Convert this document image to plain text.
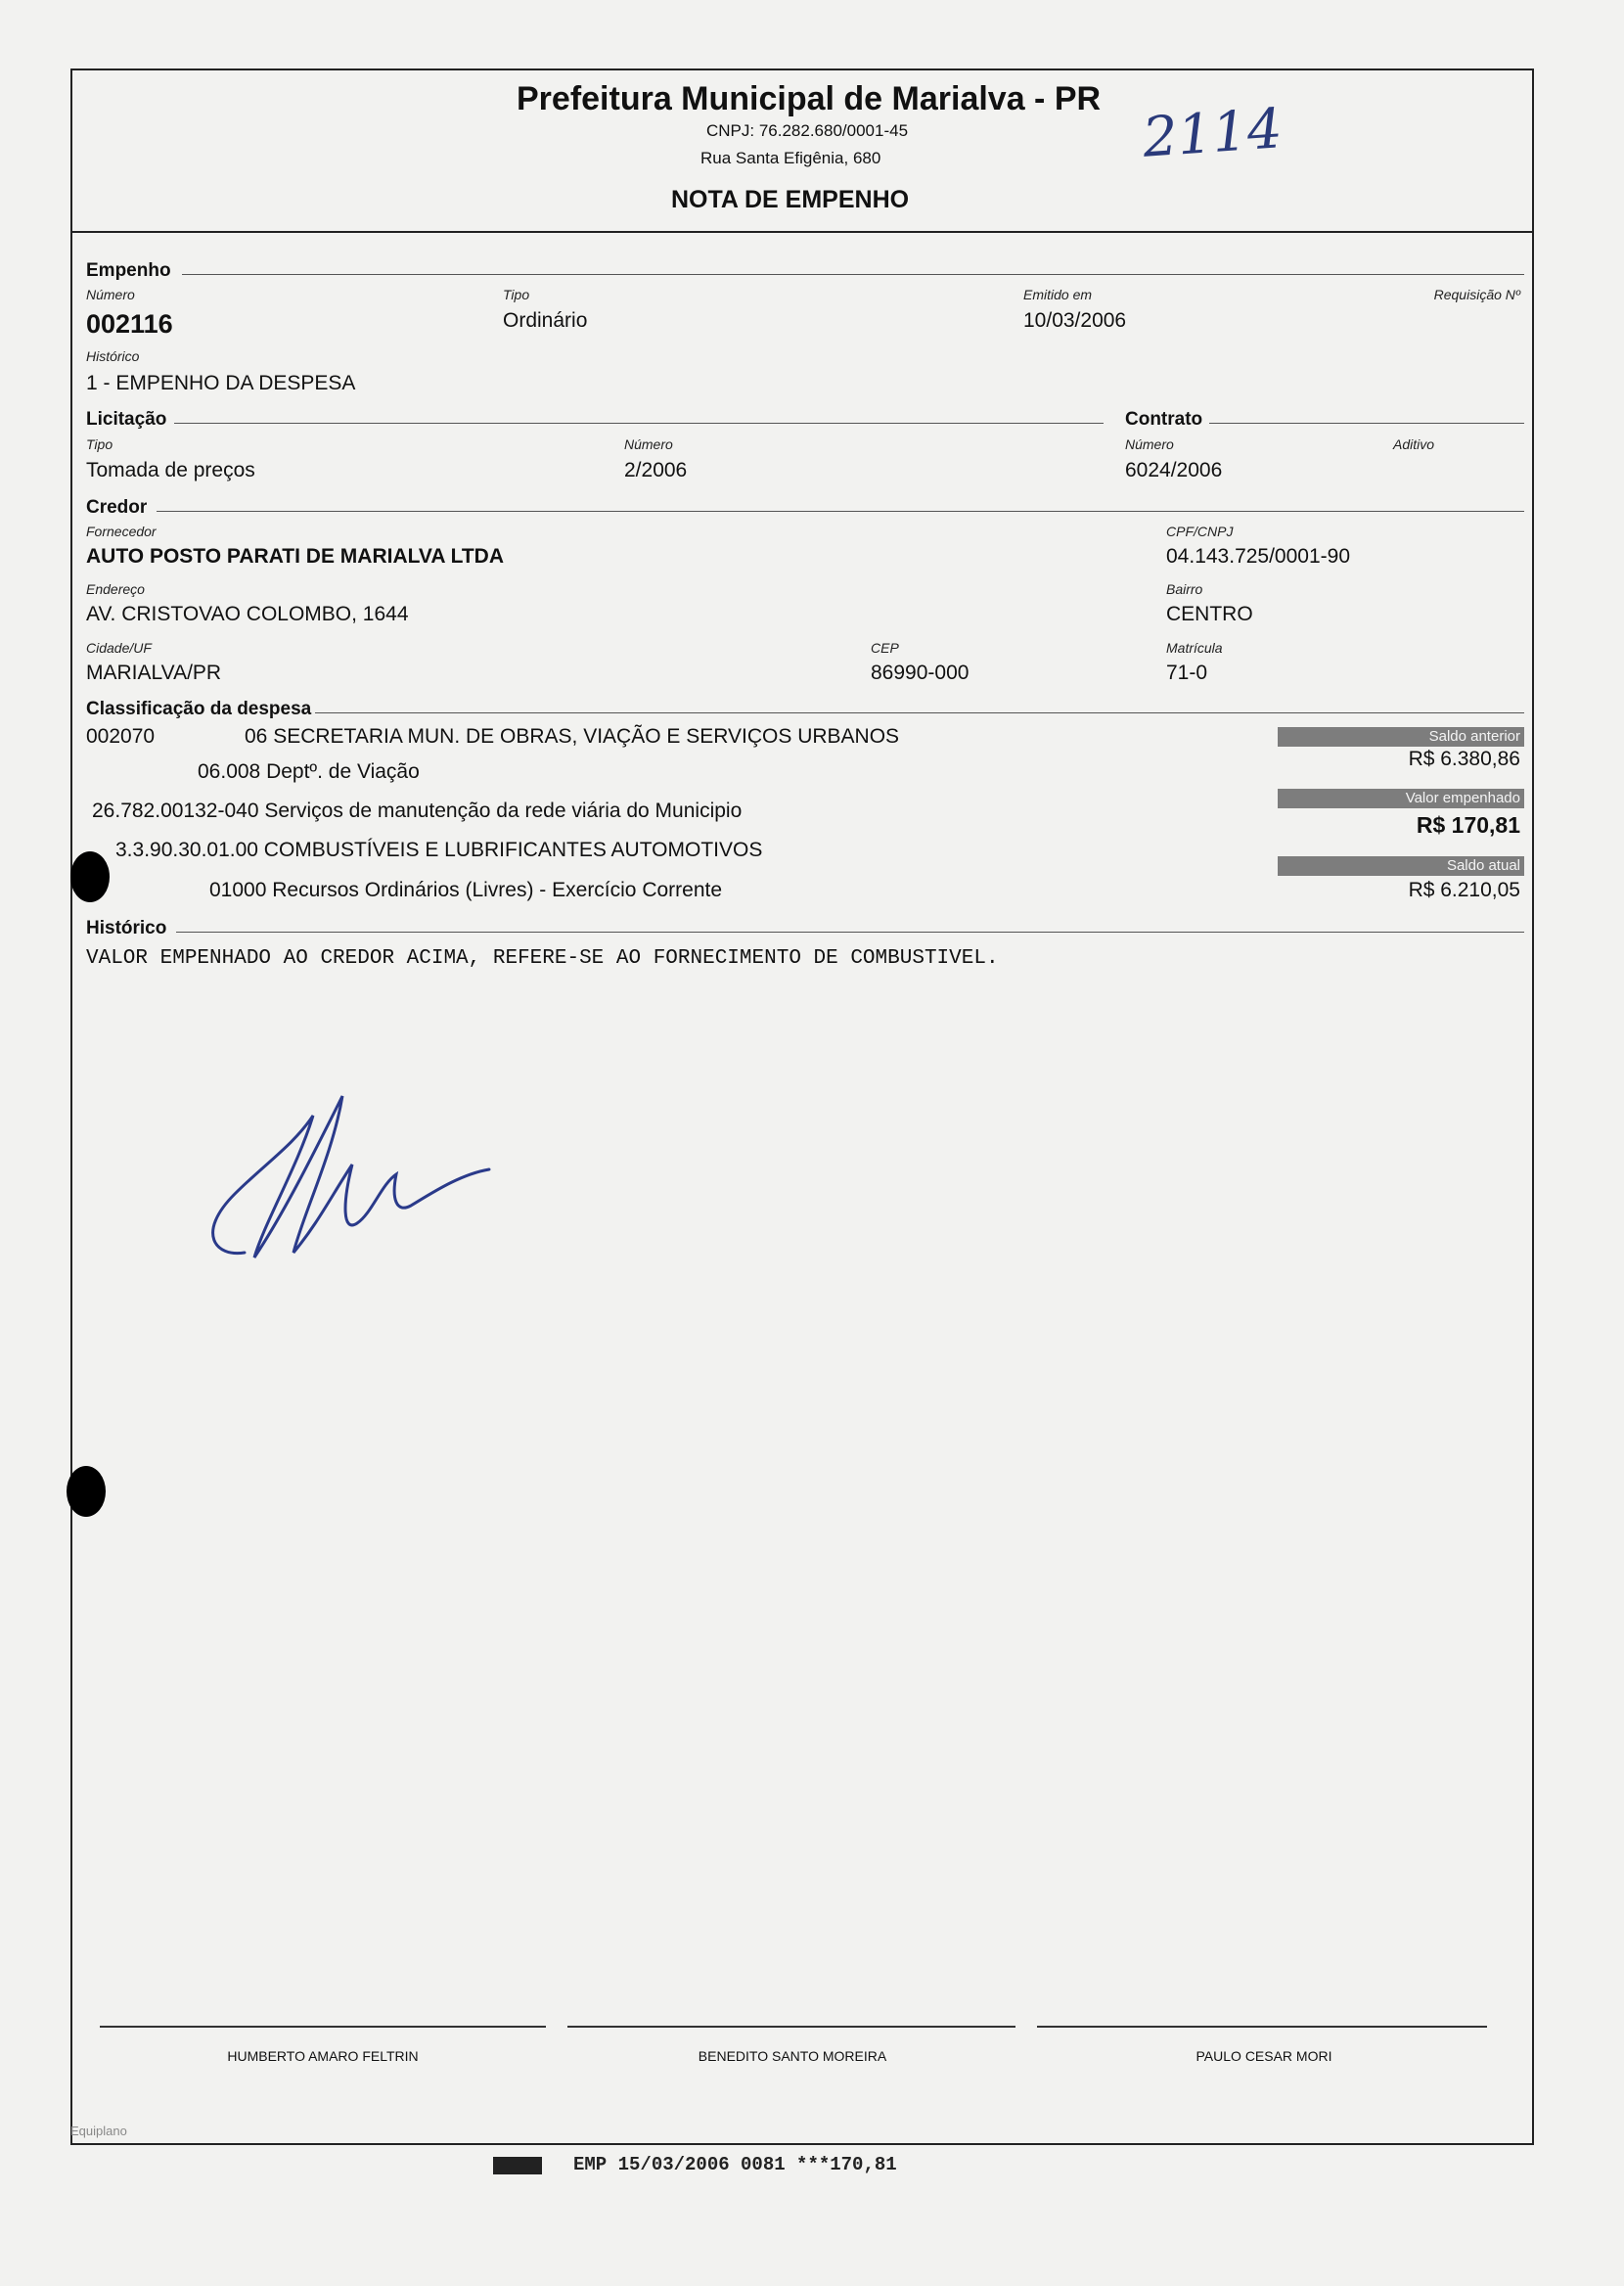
Prefeitura Municipal de Marialva - PR
CNPJ: 76.282.680/0001-45
Rua Santa Efigênia, 680
NOTA DE EMPENHO
2114
Empenho
Número
002116
Tipo
Ordinário
Emitido em
10/03/2006
Requisição Nº
Histórico
1 - EMPENHO DA DESPESA
Licitação	Contrato
Tipo
Tomada de preços
Número
2/2006
Número
6024/2006
Aditivo
Credor
Fornecedor
AUTO POSTO PARATI DE MARIALVA LTDA
CPF/CNPJ
04.143.725/0001-90
Endereço
AV. CRISTOVAO COLOMBO, 1644
Bairro
CENTRO
Cidade/UF
MARIALVA/PR
CEP
86990-000
Matrícula
71-0
Classificação da despesa
002070	06 SECRETARIA MUN. DE OBRAS, VIAÇÃO E SERVIÇOS URBANOS
06.008 Deptº. de Viação
26.782.00132-040 Serviços de manutenção da rede viária do Municipio
3.3.90.30.01.00 COMBUSTÍVEIS E LUBRIFICANTES AUTOMOTIVOS
01000 Recursos Ordinários (Livres) - Exercício Corrente
Saldo anterior
R$ 6.380,86
Valor empenhado
R$ 170,81
Saldo atual
R$ 6.210,05
Histórico
VALOR EMPENHADO AO CREDOR ACIMA, REFERE-SE AO FORNECIMENTO DE COMBUSTIVEL.
HUMBERTO AMARO FELTRIN	BENEDITO SANTO MOREIRA	PAULO CESAR MORI
Equiplano
EMP 15/03/2006 0081 ***170,81
